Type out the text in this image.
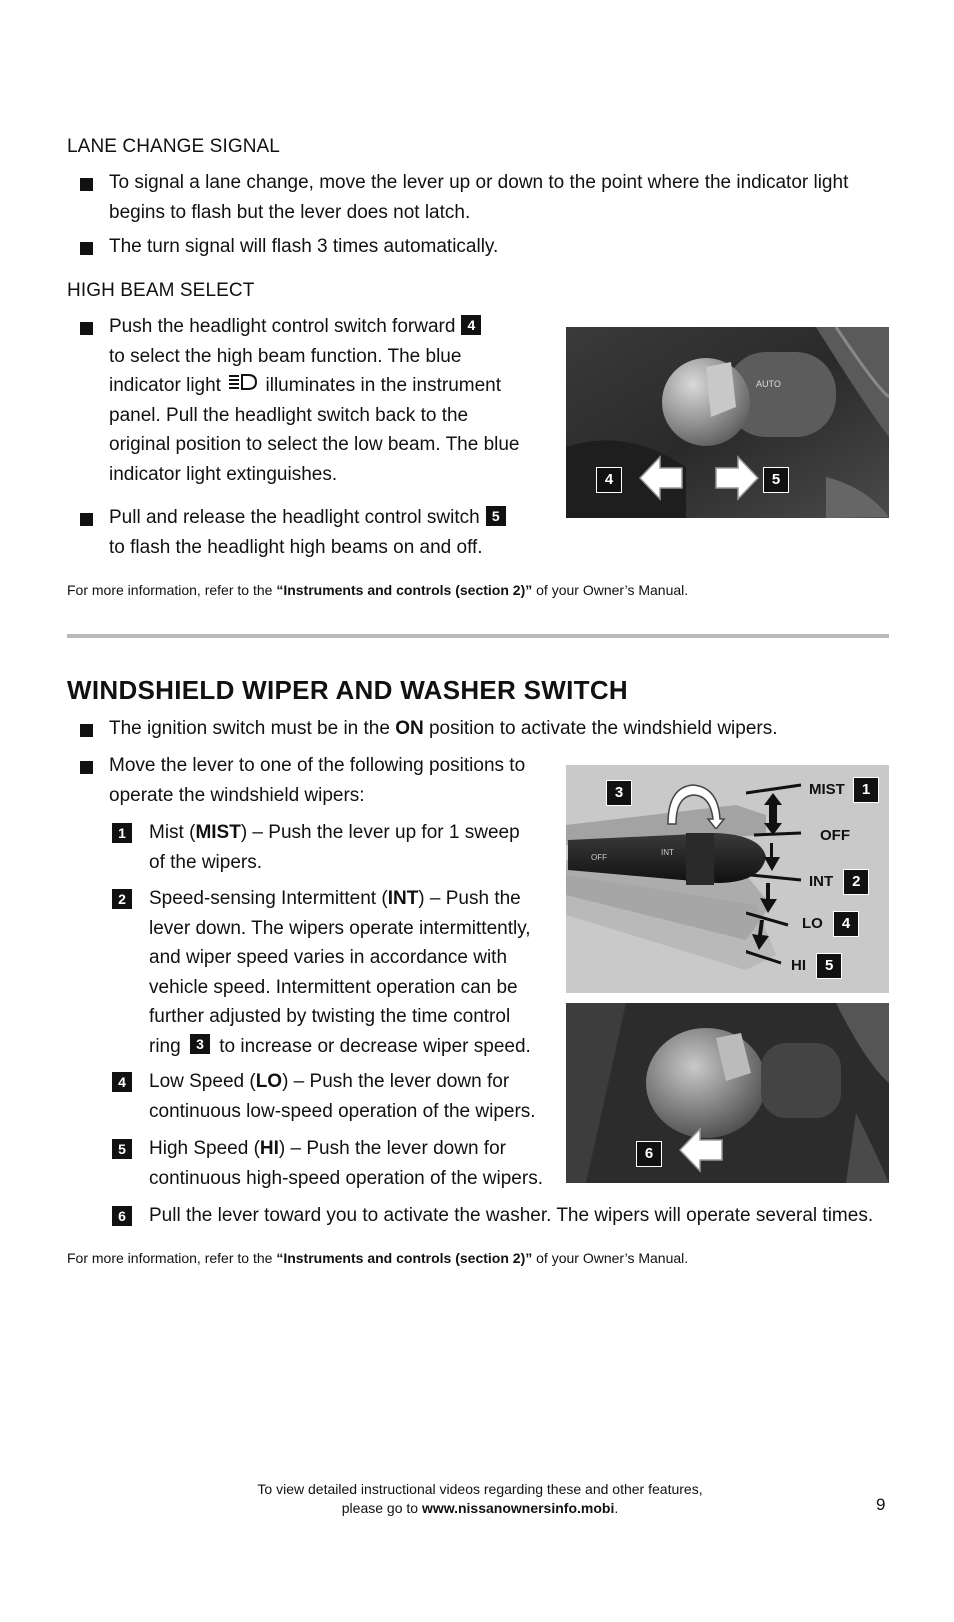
LANE CHANGE SIGNAL
To signal a lane change, move the lever up or down to the point where the indicator light
begins to flash but the lever does not latch.
The turn signal will flash 3 times automatically.
HIGH BEAM SELECT
Push the headlight control switch forward 4
to select the high beam function. The blue
indicator light illuminates in the instrument
panel. Pull the headlight switch back to the
original position to select the low beam. The blue
indicator light extinguishes.
Pull and release the headlight control switch 5
to flash the headlight high beams on and off.
AUTO
4	5
For more information, refer to the “Instruments and controls (section 2)” of your Owner’s Manual.
WINDSHIELD WIPER AND WASHER SWITCH
The ignition switch must be in the ON position to activate the windshield wipers.
Move the lever to one of the following positions to
operate the windshield wipers:
1	Mist (MIST) – Push the lever up for 1 sweep
of the wipers.
2	Speed-sensing Intermittent (INT) – Push the
lever down. The wipers operate intermittently,
and wiper speed varies in accordance with
vehicle speed. Intermittent operation can be
further adjusted by twisting the time control
ring 3 to increase or decrease wiper speed.
4	Low Speed (LO) – Push the lever down for
continuous low-speed operation of the wipers.
5	High Speed (HI) – Push the lever down for
continuous high-speed operation of the wipers.
6	Pull the lever toward you to activate the washer. The wipers will operate several times.
OFF
INT
3	MIST 1
OFF
INT 2
LO 4
HI 5
6
For more information, refer to the “Instruments and controls (section 2)” of your Owner’s Manual.
To view detailed instructional videos regarding these and other features,
please go to www.nissanownersinfo.mobi.	9
